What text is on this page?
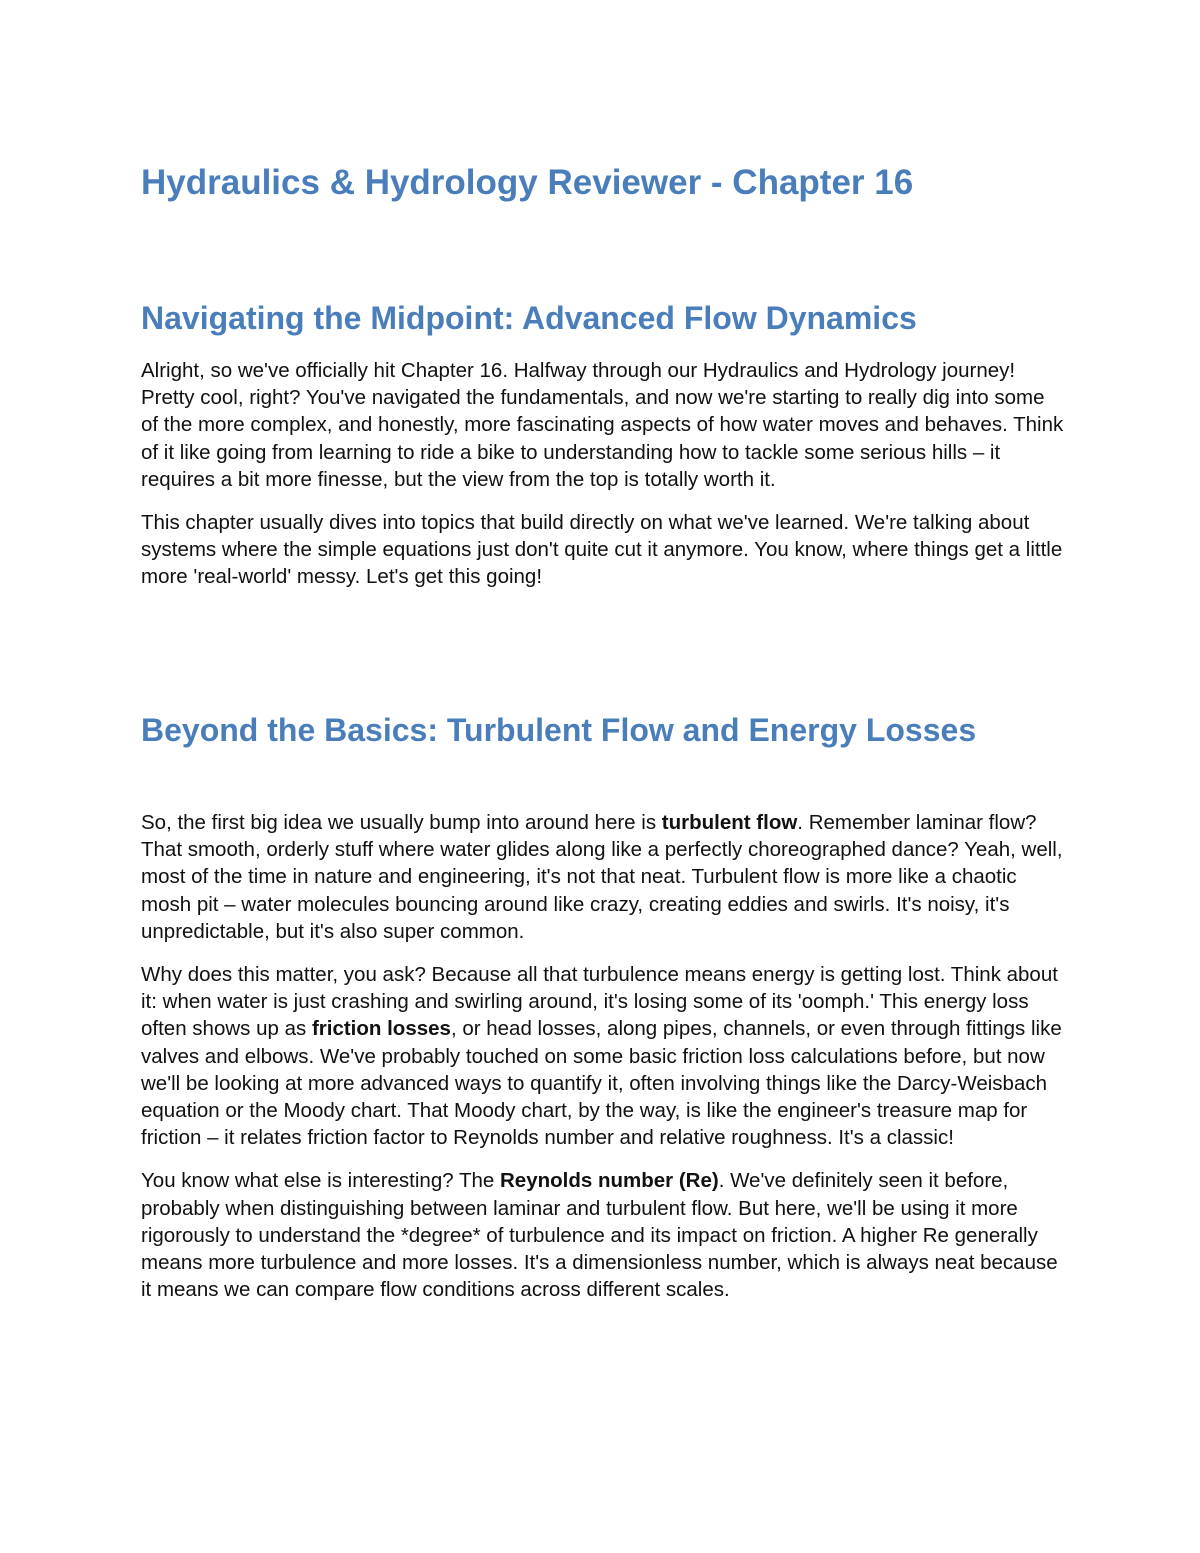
Hydraulics & Hydrology Reviewer - Chapter 16
Navigating the Midpoint: Advanced Flow Dynamics

Alright, so we've officially hit Chapter 16. Halfway through our Hydraulics and Hydrology journey! Pretty cool, right? You've navigated the fundamentals, and now we're starting to really dig into some of the more complex, and honestly, more fascinating aspects of how water moves and behaves. Think of it like going from learning to ride a bike to understanding how to tackle some serious hills – it requires a bit more finesse, but the view from the top is totally worth it.

This chapter usually dives into topics that build directly on what we've learned. We're talking about systems where the simple equations just don't quite cut it anymore. You know, where things get a little more 'real-world' messy. Let's get this going!

Beyond the Basics: Turbulent Flow and Energy Losses

So, the first big idea we usually bump into around here is turbulent flow. Remember laminar flow? That smooth, orderly stuff where water glides along like a perfectly choreographed dance? Yeah, well, most of the time in nature and engineering, it's not that neat. Turbulent flow is more like a chaotic mosh pit – water molecules bouncing around like crazy, creating eddies and swirls. It's noisy, it's unpredictable, but it's also super common.

Why does this matter, you ask? Because all that turbulence means energy is getting lost. Think about it: when water is just crashing and swirling around, it's losing some of its 'oomph.' This energy loss often shows up as friction losses, or head losses, along pipes, channels, or even through fittings like valves and elbows. We've probably touched on some basic friction loss calculations before, but now we'll be looking at more advanced ways to quantify it, often involving things like the Darcy-Weisbach equation or the Moody chart. That Moody chart, by the way, is like the engineer's treasure map for friction – it relates friction factor to Reynolds number and relative roughness. It's a classic!

You know what else is interesting? The Reynolds number (Re). We've definitely seen it before, probably when distinguishing between laminar and turbulent flow. But here, we'll be using it more rigorously to understand the *degree* of turbulence and its impact on friction. A higher Re generally means more turbulence and more losses. It's a dimensionless number, which is always neat because it means we can compare flow conditions across different scales.
